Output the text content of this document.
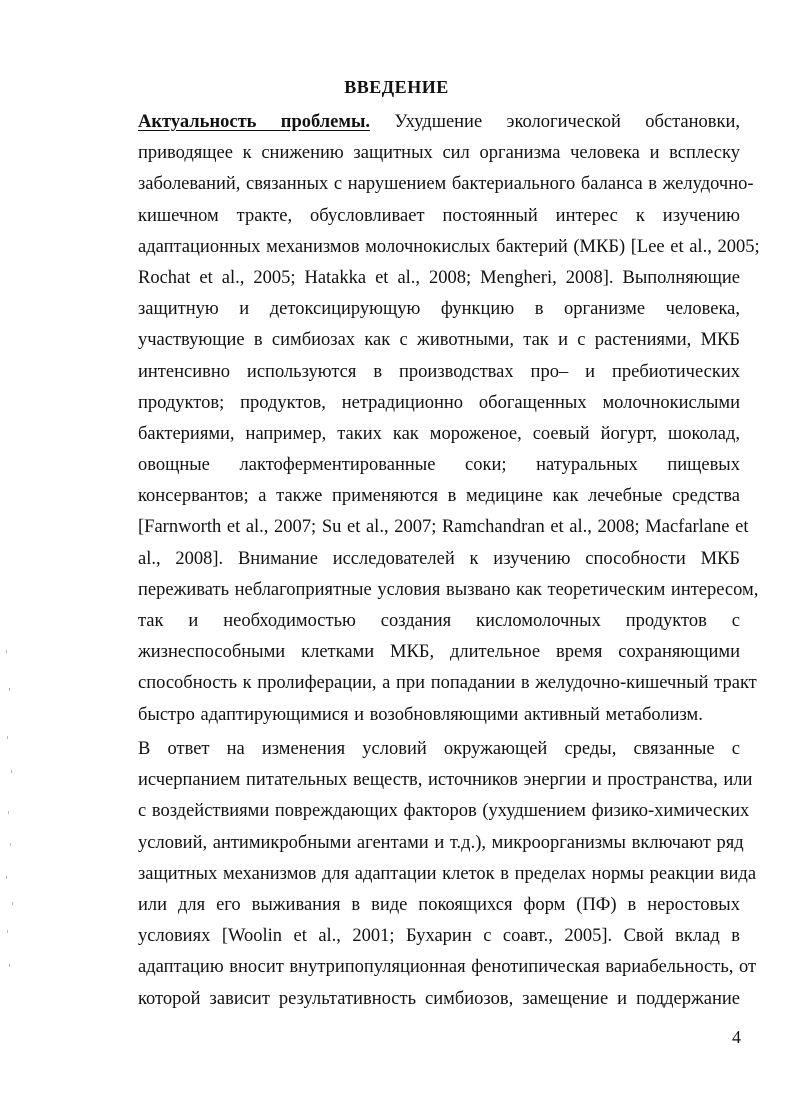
ВВЕДЕНИЕ
Актуальность проблемы. Ухудшение экологической обстановки,
приводящее к снижению защитных сил организма человека и всплеску
заболеваний, связанных с нарушением бактериального баланса в желудочно-
кишечном тракте, обусловливает постоянный интерес к изучению
адаптационных механизмов молочнокислых бактерий (МКБ) [Lee et al., 2005;
Rochat et al., 2005; Hatakka et al., 2008; Mengheri, 2008]. Выполняющие
защитную и детоксицирующую функцию в организме человека,
участвующие в симбиозах как с животными, так и с растениями, МКБ
интенсивно используются в производствах про– и пребиотических
продуктов; продуктов, нетрадиционно обогащенных молочнокислыми
бактериями, например, таких как мороженое, соевый йогурт, шоколад,
овощные лактоферментированные соки; натуральных пищевых
консервантов; а также применяются в медицине как лечебные средства
[Farnworth et al., 2007; Su et al., 2007; Ramchandran et al., 2008; Macfarlane et
al., 2008]. Внимание исследователей к изучению способности МКБ
переживать неблагоприятные условия вызвано как теоретическим интересом,
так и необходимостью создания кисломолочных продуктов с
жизнеспособными клетками МКБ, длительное время сохраняющими
способность к пролиферации, а при попадании в желудочно-кишечный тракт
быстро адаптирующимися и возобновляющими активный метаболизм.
В ответ на изменения условий окружающей среды, связанные с
исчерпанием питательных веществ, источников энергии и пространства, или
с воздействиями повреждающих факторов (ухудшением физико-химических
условий, антимикробными агентами и т.д.), микроорганизмы включают ряд
защитных механизмов для адаптации клеток в пределах нормы реакции вида
или для его выживания в виде покоящихся форм (ПФ) в неростовых
условиях [Woolin et al., 2001; Бухарин с соавт., 2005]. Свой вклад в
адаптацию вносит внутрипопуляционная фенотипическая вариабельность, от
которой зависит результативность симбиозов, замещение и поддержание
4
